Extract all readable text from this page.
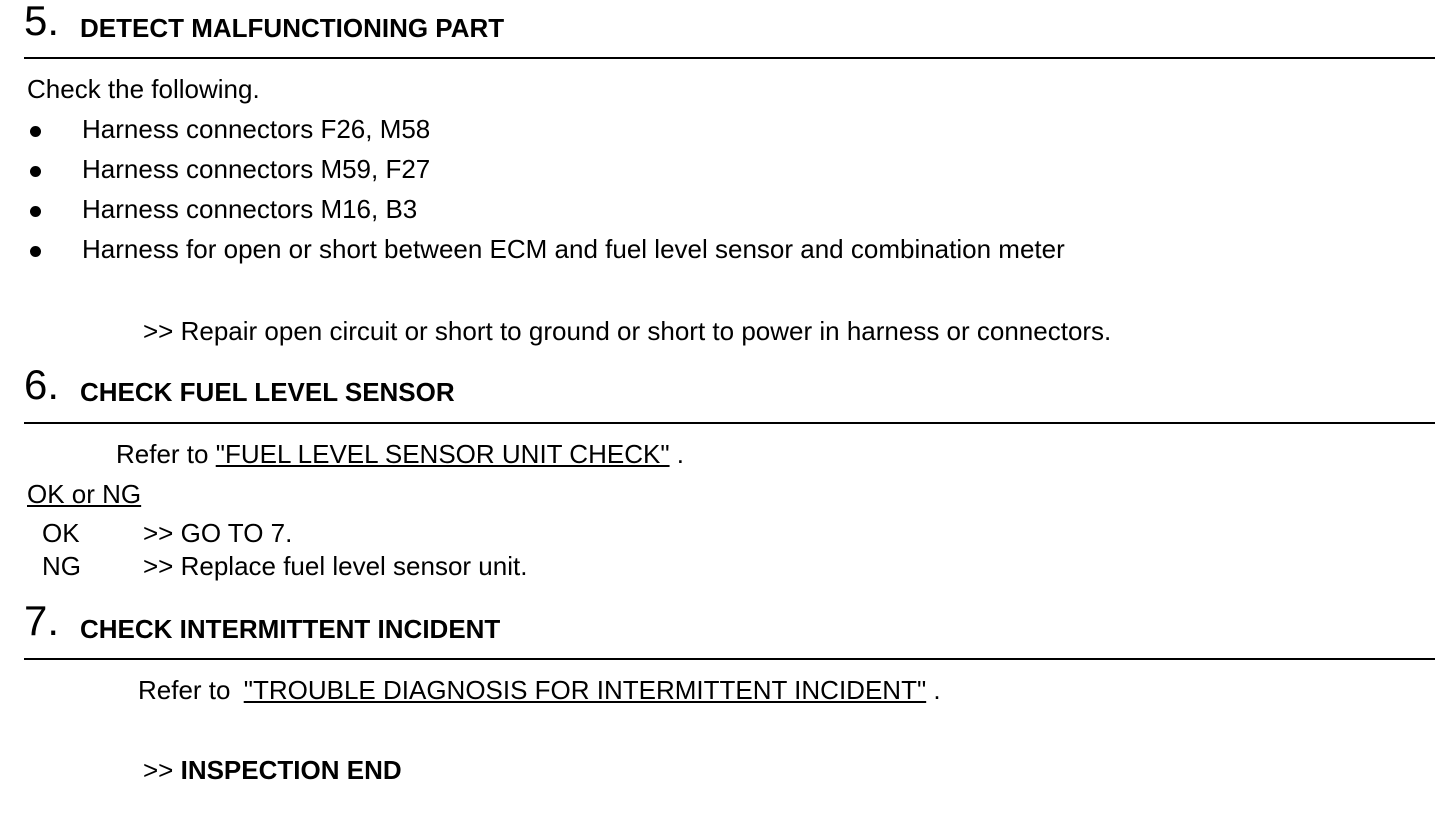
5. DETECT MALFUNCTIONING PART
Check the following.
Harness connectors F26, M58
Harness connectors M59, F27
Harness connectors M16, B3
Harness for open or short between ECM and fuel level sensor and combination meter
>> Repair open circuit or short to ground or short to power in harness or connectors.
6. CHECK FUEL LEVEL SENSOR
Refer to "FUEL LEVEL SENSOR UNIT CHECK" .
OK or NG
OK >> GO TO 7.
NG >> Replace fuel level sensor unit.
7. CHECK INTERMITTENT INCIDENT
Refer to "TROUBLE DIAGNOSIS FOR INTERMITTENT INCIDENT" .
>> INSPECTION END
